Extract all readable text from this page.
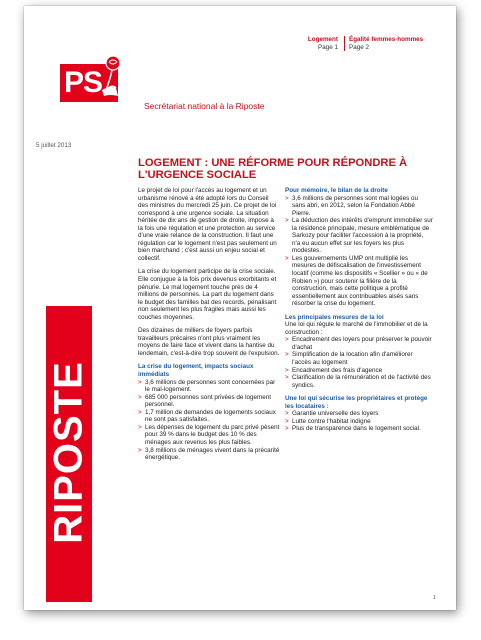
PS
Secrétariat national à la Riposte
Logement
Page 1
Égalité femmes-hommes
Page 2
5 juillet 2013
RIPOSTE
LOGEMENT : UNE RÉFORME POUR RÉPONDRE À L'URGENCE SOCIALE

Le projet de loi pour l'accès au logement et un urbanisme rénové a été adopté lors du Conseil des ministres du mercredi 25 juin. Ce projet de loi correspond à une urgence sociale. La situation héritée de dix ans de gestion de droite, impose à la fois une régulation et une protection au service d'une vraie relance de la construction. Il faut une régulation car le logement n'est pas seulement un bien marchand ; c'est aussi un enjeu social et collectif.

La crise du logement participe de la crise sociale. Elle conjugue à la fois prix devenus exorbitants et pénurie. Le mal logement touche près de 4 millions de personnes. La part du logement dans le budget des familles bat des records, pénalisant non seulement les plus fragiles mais aussi les couches moyennes.

Des dizaines de milliers de foyers parfois travailleurs précaires n'ont plus vraiment les moyens de faire face et vivent dans la hantise du lendemain, c'est-à-dire trop souvent de l'expulsion.

La crise du logement, impacts sociaux immédiats
> 3,6 millions de personnes sont concernées par le mal-logement.
> 685 000 personnes sont privées de logement personnel.
> 1,7 million de demandes de logements sociaux ne sont pas satisfaites.
> Les dépenses de logement du parc privé pèsent pour 39 % dans le budget des 10 % des ménages aux revenus les plus faibles.
> 3,8 millions de ménages vivent dans la précarité énergétique.
Pour mémoire, le bilan de la droite
> 3,6 millions de personnes sont mal logées ou sans abri, en 2012, selon la Fondation Abbé Pierre.
> La déduction des intérêts d'emprunt immobilier sur la résidence principale, mesure emblématique de Sarkozy pour faciliter l'accession à la propriété, n'a eu aucun effet sur les foyers les plus modestes.
> Les gouvernements UMP ont multiplié les mesures de défiscalisation de l'investissement locatif (comme les dispositifs « Scellier » ou « de Robien ») pour soutenir la filière de la construction, mais cette politique a profité essentiellement aux contribuables aisés sans résorber la crise du logement.
Les principales mesures de la loi
Une loi qui régule le marché de l'immobilier et de la construction :
> Encadrement des loyers pour préserver le pouvoir d'achat
> Simplification de la location afin d'améliorer l'accès au logement
> Encadrement des frais d'agence
> Clarification de la rémunération et de l'activité des syndics.
Une loi qui sécurise les propriétaires et protège les locataires :
> Garantie universelle des loyers
> Lutte contre l'habitat indigne
> Plus de transparence dans le logement social.
1
